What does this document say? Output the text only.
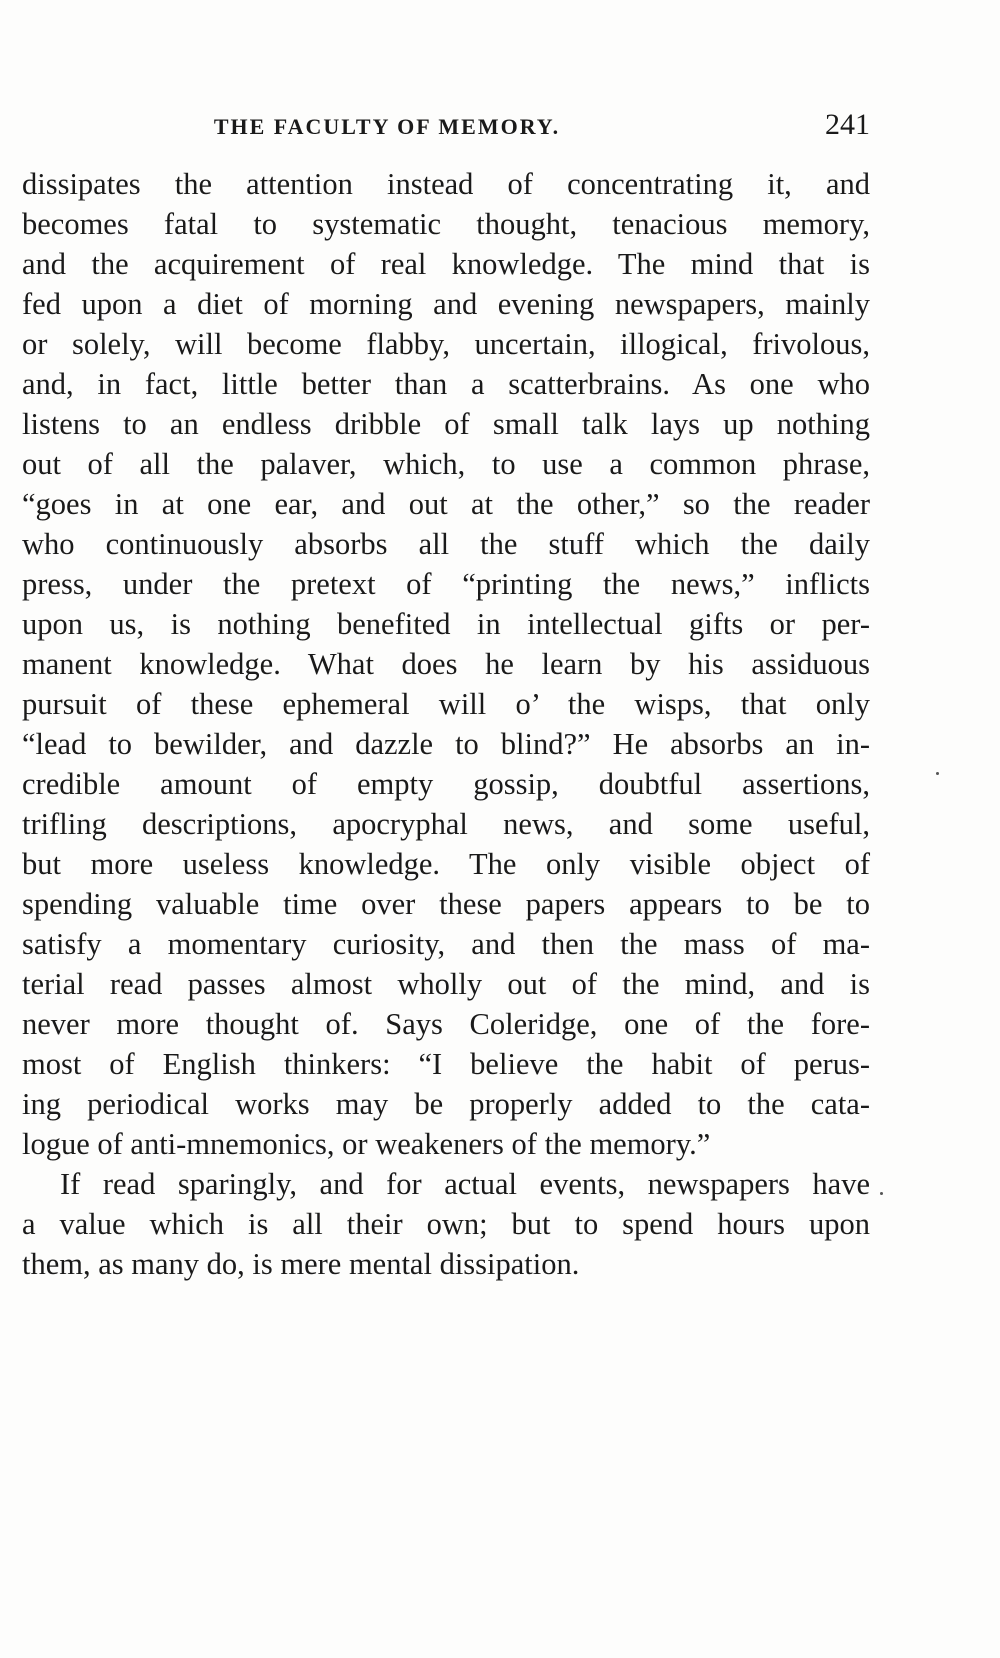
THE FACULTY OF MEMORY.	241
dissipates the attention instead of concentrating it, and
becomes fatal to systematic thought, tenacious memory,
and the acquirement of real knowledge. The mind that is
fed upon a diet of morning and evening newspapers, mainly
or solely, will become flabby, uncertain, illogical, frivolous,
and, in fact, little better than a scatterbrains. As one who
listens to an endless dribble of small talk lays up nothing
out of all the palaver, which, to use a common phrase,
“goes in at one ear, and out at the other,” so the reader
who continuously absorbs all the stuff which the daily
press, under the pretext of “printing the news,” inflicts
upon us, is nothing benefited in intellectual gifts or per-
manent knowledge. What does he learn by his assiduous
pursuit of these ephemeral will o’ the wisps, that only
“lead to bewilder, and dazzle to blind?” He absorbs an in-
credible amount of empty gossip, doubtful assertions,
trifling descriptions, apocryphal news, and some useful,
but more useless knowledge. The only visible object of
spending valuable time over these papers appears to be to
satisfy a momentary curiosity, and then the mass of ma-
terial read passes almost wholly out of the mind, and is
never more thought of. Says Coleridge, one of the fore-
most of English thinkers: “I believe the habit of perus-
ing periodical works may be properly added to the cata-
logue of anti-mnemonics, or weakeners of the memory.”
If read sparingly, and for actual events, newspapers have
a value which is all their own; but to spend hours upon
them, as many do, is mere mental dissipation.
